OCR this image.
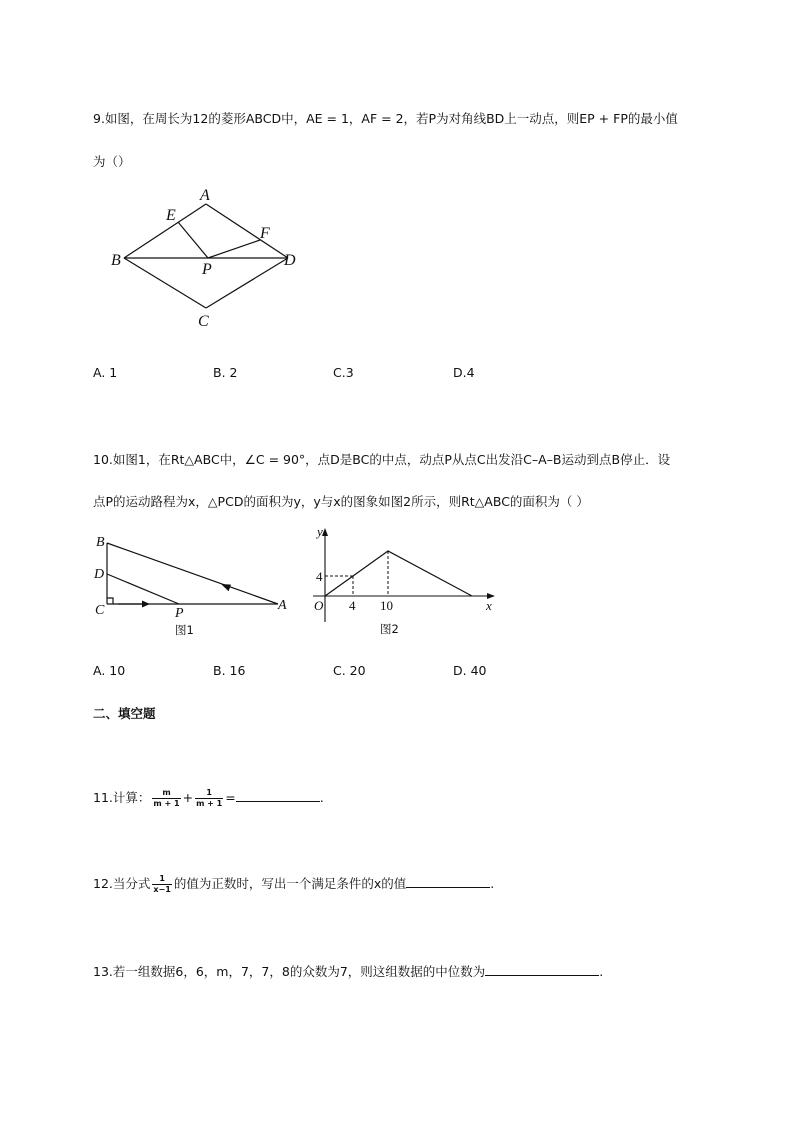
9.如图，在周长为12的菱形ABCD中，AE = 1，AF = 2，若P为对角线BD上一动点，则EP + FP的最小值
为（）
A
E
F
B
P
D
C
A. 1	B. 2	C.3	D.4
10.如图1，在Rt△ABC中，∠C = 90°，点D是BC的中点，动点P从点C出发沿C–A–B运动到点B停止．设
点P的运动路程为x，△PCD的面积为y，y与x的图象如图2所示，则Rt△ABC的面积为（ ）
B
D
C	P
A
图1
y
x
O 4 10
4
图2
A. 10	B. 16	C. 20	D. 40
二、填空题
11.计算： $\frac{m}{m + 1} + \frac{1}{m + 1}$ =	.
12.当分式 $\frac{1}{x-1}$ 的值为正数时，写出一个满足条件的x的值	.
13.若一组数据6，6，m，7，7，8的众数为7，则这组数据的中位数为	.
